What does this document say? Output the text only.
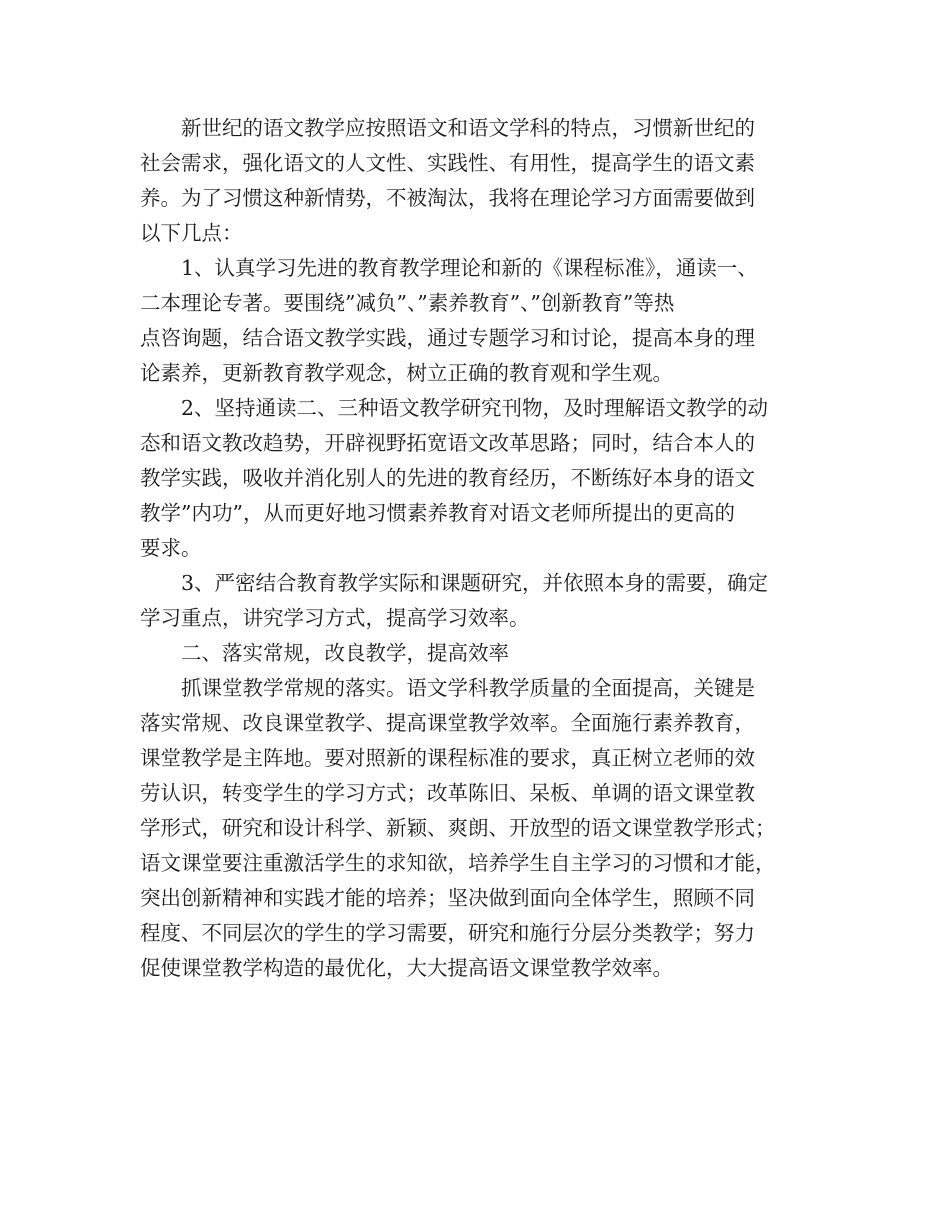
　　新世纪的语文教学应按照语文和语文学科的特点，习惯新世纪的
社会需求，强化语文的人文性、实践性、有用性，提高学生的语文素
养。为了习惯这种新情势，不被淘汰，我将在理论学习方面需要做到
以下几点：
　　1、认真学习先进的教育教学理论和新的《课程标准》，通读一、
二本理论专著。要围绕”减负”、”素养教育”、”创新教育”等热
点咨询题，结合语文教学实践，通过专题学习和讨论，提高本身的理
论素养，更新教育教学观念，树立正确的教育观和学生观。
　　2、坚持通读二、三种语文教学研究刊物，及时理解语文教学的动
态和语文教改趋势，开辟视野拓宽语文改革思路；同时，结合本人的
教学实践，吸收并消化别人的先进的教育经历，不断练好本身的语文
教学”内功”，从而更好地习惯素养教育对语文老师所提出的更高的
要求。
　　3、严密结合教育教学实际和课题研究，并依照本身的需要，确定
学习重点，讲究学习方式，提高学习效率。
　　二、落实常规，改良教学，提高效率
　　抓课堂教学常规的落实。语文学科教学质量的全面提高，关键是
落实常规、改良课堂教学、提高课堂教学效率。全面施行素养教育，
课堂教学是主阵地。要对照新的课程标准的要求，真正树立老师的效
劳认识，转变学生的学习方式；改革陈旧、呆板、单调的语文课堂教
学形式，研究和设计科学、新颖、爽朗、开放型的语文课堂教学形式；
语文课堂要注重激活学生的求知欲，培养学生自主学习的习惯和才能，
突出创新精神和实践才能的培养；坚决做到面向全体学生，照顾不同
程度、不同层次的学生的学习需要，研究和施行分层分类教学；努力
促使课堂教学构造的最优化，大大提高语文课堂教学效率。
